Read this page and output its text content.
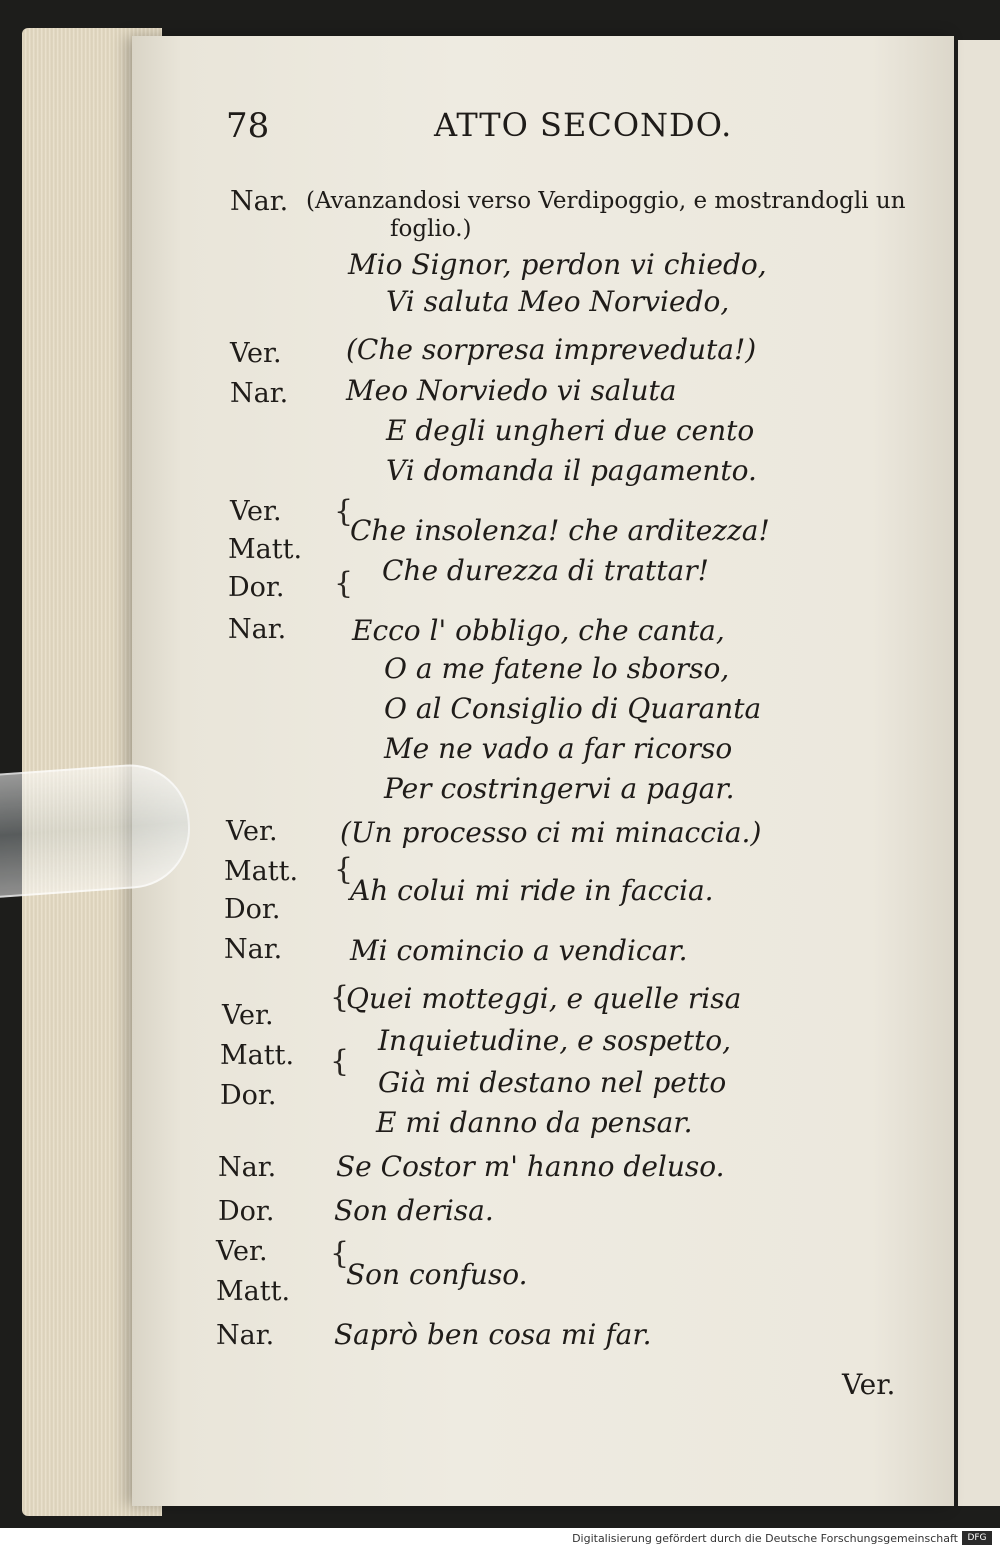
78	ATTO SECONDO.
Nar. (Avanzandosi verso Verdipoggio, e mostrandogli un
foglio.)
Mio Signor, perdon vi chiedo,
Vi saluta Meo Norviedo,
Ver. (Che sorpresa impreveduta!)
Nar. Meo Norviedo vi saluta
E degli ungheri due cento
Vi domanda il pagamento.
Ver.
Matt.
Dor.
{
{
Che insolenza! che arditezza!
Che durezza di trattar!
Nar. Ecco l' obbligo, che canta,
O a me fatene lo sborso,
O al Consiglio di Quaranta
Me ne vado a far ricorso
Per costringervi a pagar.
Ver. (Un processo ci mi minaccia.)
Matt.
Dor.
{
Ah colui mi ride in faccia.
Nar. Mi comincio a vendicar.
Ver.
Matt.
Dor.
{
{
Quei motteggi, e quelle risa
Inquietudine, e sospetto,
Già mi destano nel petto
E mi danno da pensar.
Nar. Se Costor m' hanno deluso.
Dor. Son derisa.
Ver.
Matt.
{
Son confuso.
Nar. Saprò ben cosa mi far.
Ver.
Digitalisierung gefördert durch die Deutsche Forschungsgemeinschaft	DFG
